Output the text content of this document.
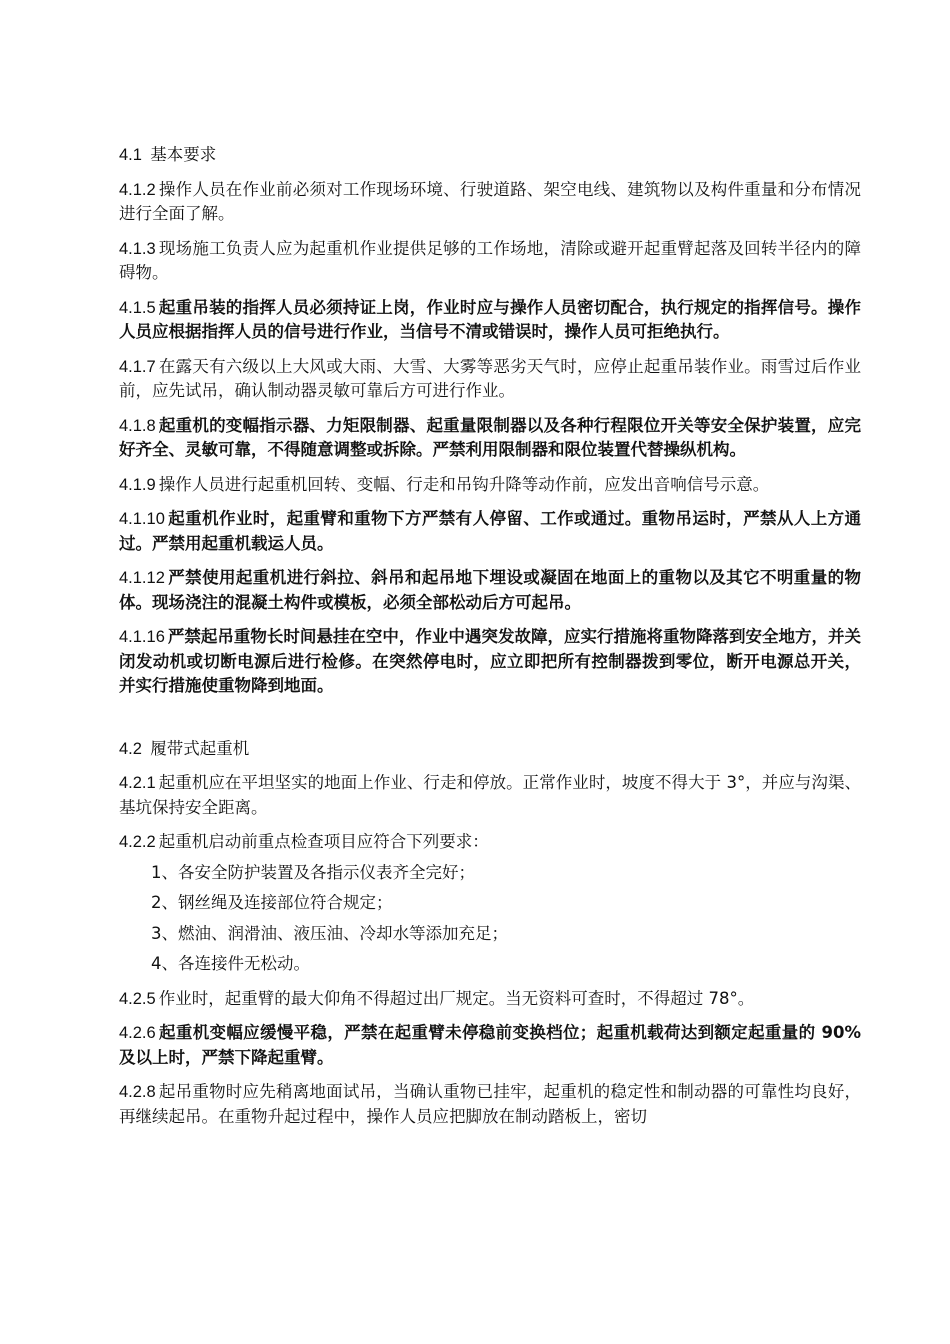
4.1 基本要求

4.1.2 操作人员在作业前必须对工作现场环境、行驶道路、架空电线、建筑物以及构件重量和分布情况进行全面了解。

4.1.3 现场施工负责人应为起重机作业提供足够的工作场地，清除或避开起重臂起落及回转半径内的障碍物。

4.1.5 起重吊装的指挥人员必须持证上岗，作业时应与操作人员密切配合，执行规定的指挥信号。操作人员应根据指挥人员的信号进行作业，当信号不清或错误时，操作人员可拒绝执行。

4.1.7 在露天有六级以上大风或大雨、大雪、大雾等恶劣天气时，应停止起重吊装作业。雨雪过后作业前，应先试吊，确认制动器灵敏可靠后方可进行作业。

4.1.8 起重机的变幅指示器、力矩限制器、起重量限制器以及各种行程限位开关等安全保护装置，应完好齐全、灵敏可靠，不得随意调整或拆除。严禁利用限制器和限位装置代替操纵机构。

4.1.9 操作人员进行起重机回转、变幅、行走和吊钩升降等动作前，应发出音响信号示意。

4.1.10 起重机作业时，起重臂和重物下方严禁有人停留、工作或通过。重物吊运时，严禁从人上方通过。严禁用起重机载运人员。

4.1.12 严禁使用起重机进行斜拉、斜吊和起吊地下埋设或凝固在地面上的重物以及其它不明重量的物体。现场浇注的混凝土构件或模板，必须全部松动后方可起吊。

4.1.16 严禁起吊重物长时间悬挂在空中，作业中遇突发故障，应实行措施将重物降落到安全地方，并关闭发动机或切断电源后进行检修。在突然停电时，应立即把所有控制器拨到零位，断开电源总开关，并实行措施使重物降到地面。

4.2 履带式起重机

4.2.1 起重机应在平坦坚实的地面上作业、行走和停放。正常作业时，坡度不得大于 3°，并应与沟渠、基坑保持安全距离。

4.2.2 起重机启动前重点检查项目应符合下列要求：

1、各安全防护装置及各指示仪表齐全完好；
2、钢丝绳及连接部位符合规定；
3、燃油、润滑油、液压油、冷却水等添加充足；
4、各连接件无松动。

4.2.5 作业时，起重臂的最大仰角不得超过出厂规定。当无资料可查时，不得超过 78°。

4.2.6 起重机变幅应缓慢平稳，严禁在起重臂未停稳前变换档位；起重机载荷达到额定起重量的 90%及以上时，严禁下降起重臂。

4.2.8 起吊重物时应先稍离地面试吊，当确认重物已挂牢，起重机的稳定性和制动器的可靠性均良好，再继续起吊。在重物升起过程中，操作人员应把脚放在制动踏板上，密切
